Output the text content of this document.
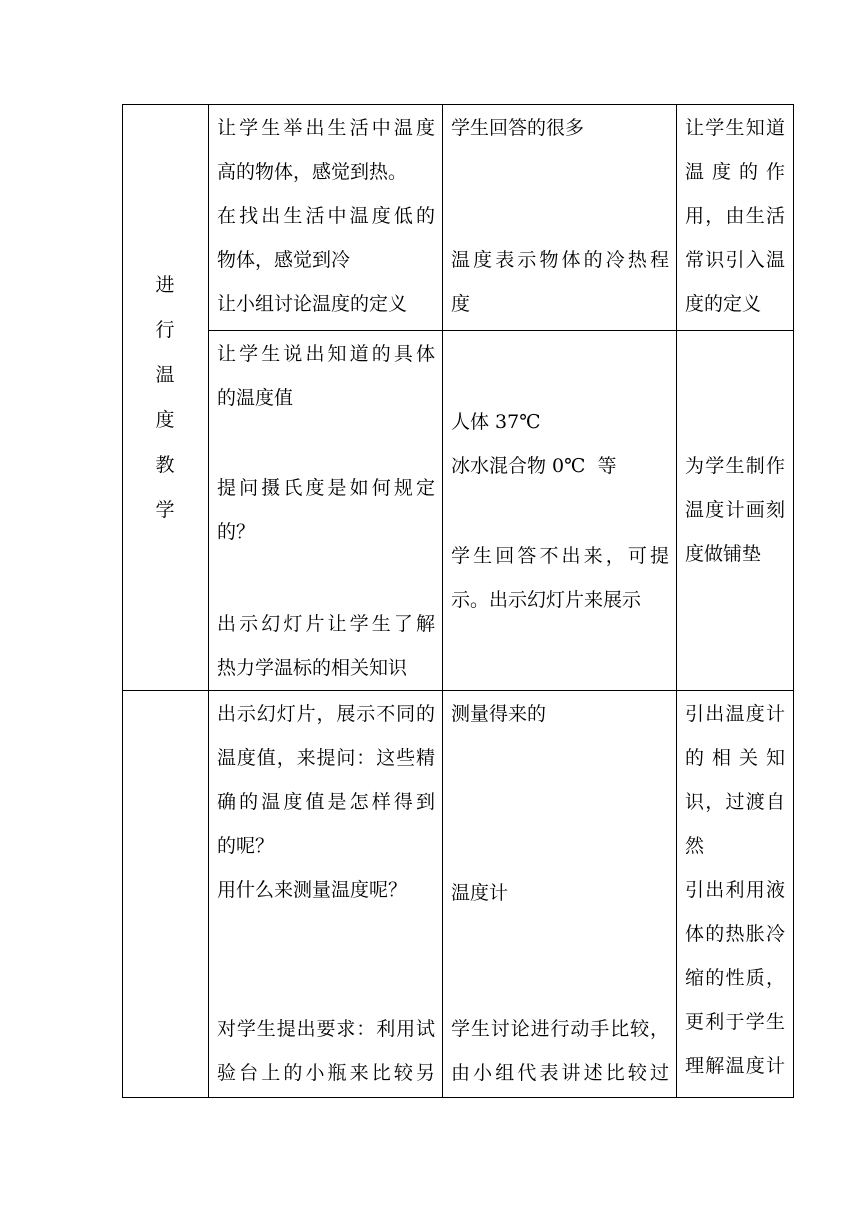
进
行
温
度
教
学
让学生举出生活中温度
高的物体，感觉到热。
在找出生活中温度低的
物体，感觉到冷
让小组讨论温度的定义
学生回答的很多
温度表示物体的冷热程
度
让学生知道
温 度 的 作
用，由生活
常识引入温
度的定义
让学生说出知道的具体
的温度值
提问摄氏度是如何规定
的？
出示幻灯片让学生了解
热力学温标的相关知识
人体 37℃
冰水混合物 0℃  等
学生回答不出来，可提
示。出示幻灯片来展示
为学生制作
温度计画刻
度做铺垫
出示幻灯片，展示不同的
温度值，来提问：这些精
确的温度值是怎样得到
的呢？
用什么来测量温度呢？
对学生提出要求：利用试
验台上的小瓶来比较另
测量得来的
温度计
学生讨论进行动手比较，
由小组代表讲述比较过
引出温度计
的 相 关 知
识，过渡自
然
引出利用液
体的热胀冷
缩的性质，
更利于学生
理解温度计
